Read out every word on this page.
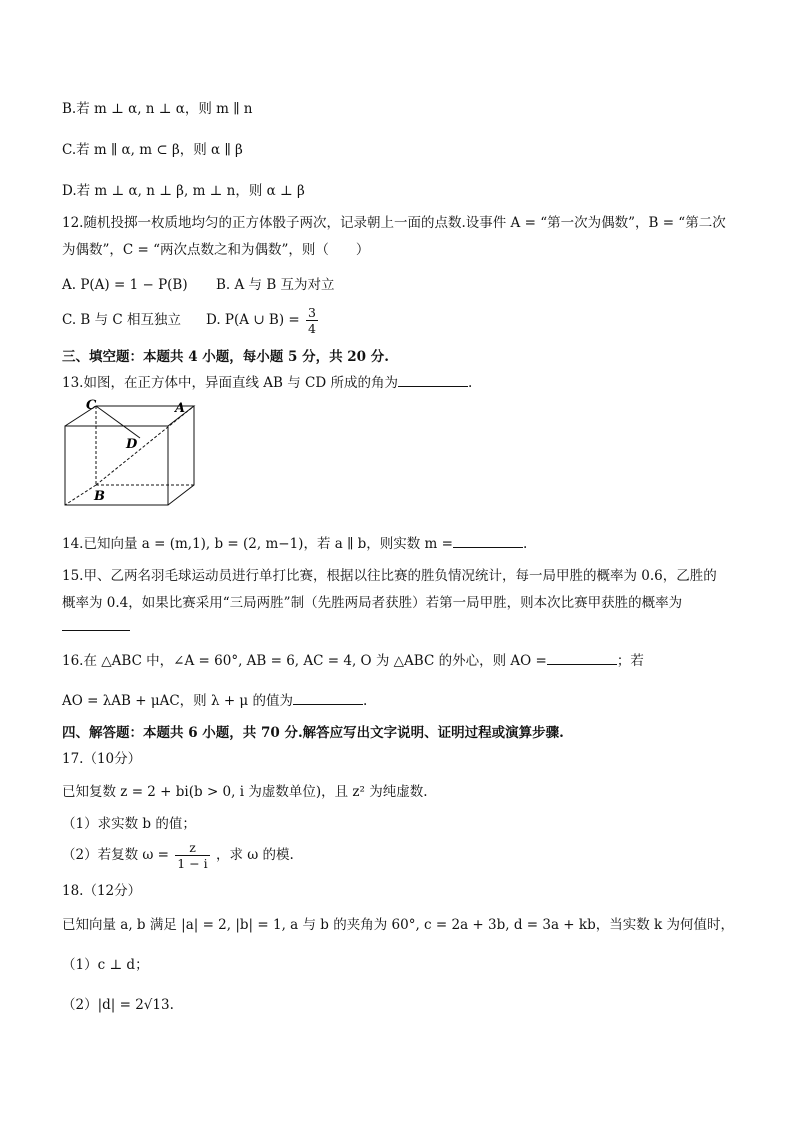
B.若 m ⊥ α, n ⊥ α，则 m ∥ n
C.若 m ∥ α, m ⊂ β，则 α ∥ β
D.若 m ⊥ α, n ⊥ β, m ⊥ n，则 α ⊥ β
12.随机投掷一枚质地均匀的正方体骰子两次，记录朝上一面的点数.设事件 A = “第一次为偶数”，B = “第二次为偶数”，C = “两次点数之和为偶数”，则（　　）
A. P(A) = 1 − P(B) B. A 与 B 互为对立
C. B 与 C 相互独立 D. P(A ∪ $B) = \frac{3}{4}$
三、填空题：本题共 4 小题，每小题 5 分，共 20 分.
13.如图，在正方体中，异面直线 AB 与 CD 所成的角为	.
C	A
D
B
14.已知向量 a = (m,1), b = (2, m−1)，若 a ∥ b，则实数 m =	.
15.甲、乙两名羽毛球运动员进行单打比赛，根据以往比赛的胜负情况统计，每一局甲胜的概率为 0.6，乙胜的概率为 0.4，如果比赛采用“三局两胜”制（先胜两局者获胜）若第一局甲胜，则本次比赛甲获胜的概率为
16.在 △ABC 中，∠A = 60°, AB = 6, AC = 4, O 为 △ABC 的外心，则 AO =	；若
AO = λAB + μAC，则 λ + μ 的值为	.
四、解答题：本题共 6 小题，共 70 分.解答应写出文字说明、证明过程或演算步骤.
17.（10分）
已知复数 z = 2 + bi(b > 0, i 为虚数单位)，且 z² 为纯虚数.
（1）求实数 b 的值；
（2）若复数 $\omega = \frac{z}{1 - i}$ ，求 ω 的模.
18.（12分）
已知向量 a, b 满足 |a| = 2, |b| = 1, a 与 b 的夹角为 60°, c = 2a + 3b, d = 3a + kb，当实数 k 为何值时，
（1）c ⊥ d；
（2）|d| = 2√13.
